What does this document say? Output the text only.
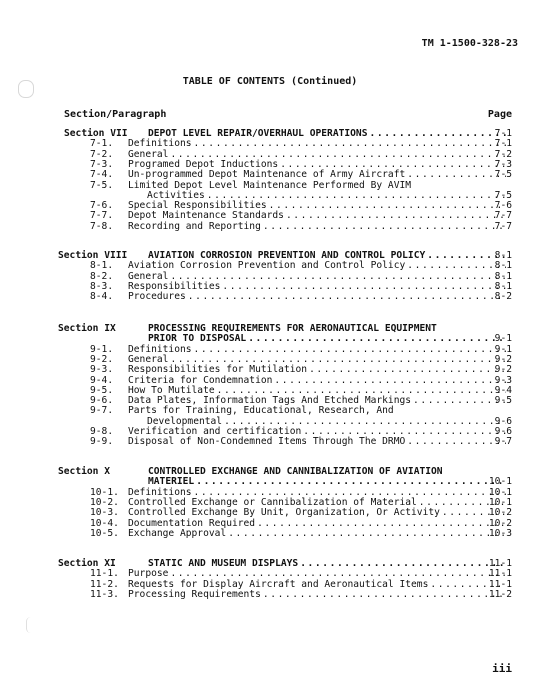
TM 1-1500-328-23
TABLE OF CONTENTS (Continued)
Section/Paragraph	Page
Section VII DEPOT LEVEL REPAIR/OVERHAUL OPERATIONS . . .	7-1
7-1. Definitions . . .	7-1
7-2. General . . .	7-2
7-3. Programed Depot Inductions . . .	7-3
7-4. Un-programmed Depot Maintenance of Army Aircraft . . .	7-5
7-5. Limited Depot Level Maintenance Performed By AVIM
Activities . . .	7-5
7-6. Special Responsibilities . . .	7-6
7-7. Depot Maintenance Standards . . .	7-7
7-8. Recording and Reporting . . .	7-7
Section VIII AVIATION CORROSION PREVENTION AND CONTROL POLICY . . .	8-1
8-1. Aviation Corrosion Prevention and Control Policy . . .	8-1
8-2. General . . .	8-1
8-3. Responsibilities . . .	8-1
8-4. Procedures . . .	8-2
Section IX	PROCESSING REQUIREMENTS FOR AERONAUTICAL EQUIPMENT
PRIOR TO DISPOSAL . . .	9-1
9-1. Definitions . . .	9-1
9-2. General . . .	9-2
9-3. Responsibilities for Mutilation . . .	9-2
9-4. Criteria for Condemnation . . .	9-3
9-5. How To Mutilate . . .	9-4
9-6. Data Plates, Information Tags And Etched Markings . . .	9-5
9-7. Parts for Training, Educational, Research, And
Developmental . . .	9-6
9-8. Verification and certification . . .	9-6
9-9. Disposal of Non-Condemned Items Through The DRMO . . .	9-7
Section X	CONTROLLED EXCHANGE AND CANNIBALIZATION OF AVIATION
MATERIEL . . .	10-1
10-1. Definitions . . .	10-1
10-2. Controlled Exchange or Cannibalization of Material . . .	10-1
10-3. Controlled Exchange By Unit, Organization, Or Activity . . .	10-2
10-4. Documentation Required . . .	10-2
10-5. Exchange Approval . . .	10-3
Section XI	STATIC AND MUSEUM DISPLAYS . . .	11-1
11-1. Purpose . . .	11-1
11-2. Requests for Display Aircraft and Aeronautical Items . . .	11-1
11-3. Processing Requirements . . .	11-2
iii
